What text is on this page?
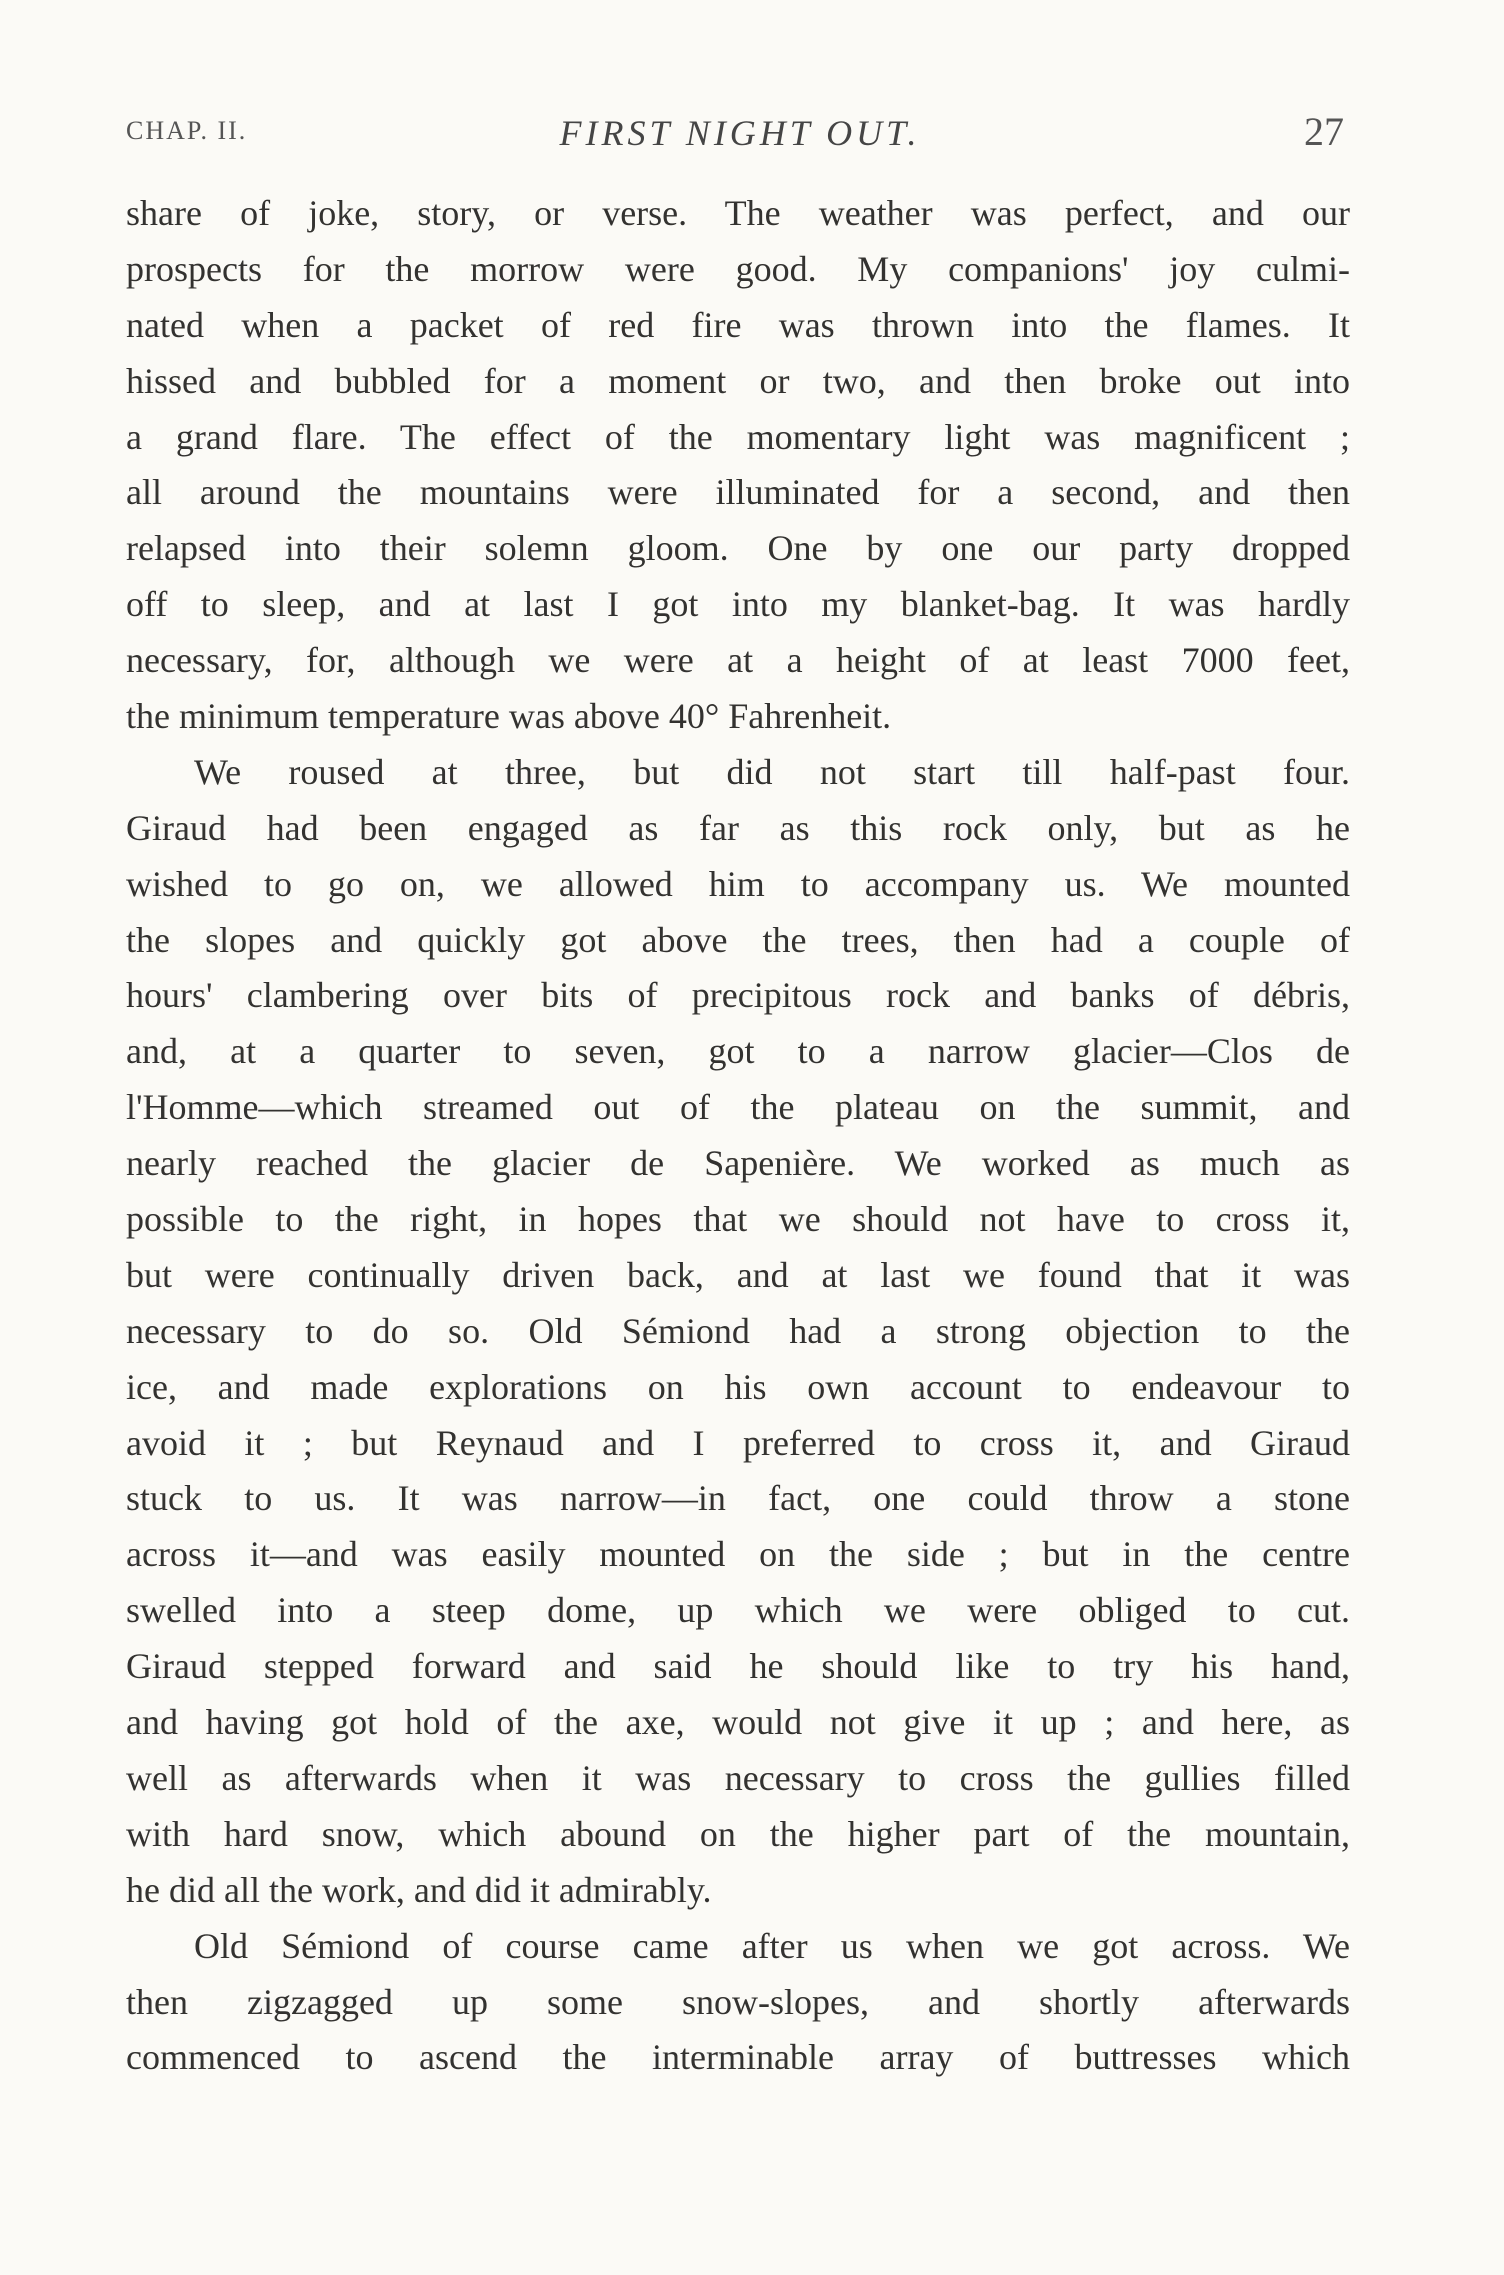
CHAP. II.	FIRST NIGHT OUT.	27
share of joke, story, or verse. The weather was perfect, and our
prospects for the morrow were good. My companions' joy culmi-
nated when a packet of red fire was thrown into the flames. It
hissed and bubbled for a moment or two, and then broke out into
a grand flare. The effect of the momentary light was magnificent ;
all around the mountains were illuminated for a second, and then
relapsed into their solemn gloom. One by one our party dropped
off to sleep, and at last I got into my blanket-bag. It was hardly
necessary, for, although we were at a height of at least 7000 feet,
the minimum temperature was above 40° Fahrenheit.
We roused at three, but did not start till half-past four.
Giraud had been engaged as far as this rock only, but as he
wished to go on, we allowed him to accompany us. We mounted
the slopes and quickly got above the trees, then had a couple of
hours' clambering over bits of precipitous rock and banks of débris,
and, at a quarter to seven, got to a narrow glacier—Clos de
l'Homme—which streamed out of the plateau on the summit, and
nearly reached the glacier de Sapenière. We worked as much as
possible to the right, in hopes that we should not have to cross it,
but were continually driven back, and at last we found that it was
necessary to do so. Old Sémiond had a strong objection to the
ice, and made explorations on his own account to endeavour to
avoid it ; but Reynaud and I preferred to cross it, and Giraud
stuck to us. It was narrow—in fact, one could throw a stone
across it—and was easily mounted on the side ; but in the centre
swelled into a steep dome, up which we were obliged to cut.
Giraud stepped forward and said he should like to try his hand,
and having got hold of the axe, would not give it up ; and here, as
well as afterwards when it was necessary to cross the gullies filled
with hard snow, which abound on the higher part of the mountain,
he did all the work, and did it admirably.
Old Sémiond of course came after us when we got across. We
then zigzagged up some snow-slopes, and shortly afterwards
commenced to ascend the interminable array of buttresses which
